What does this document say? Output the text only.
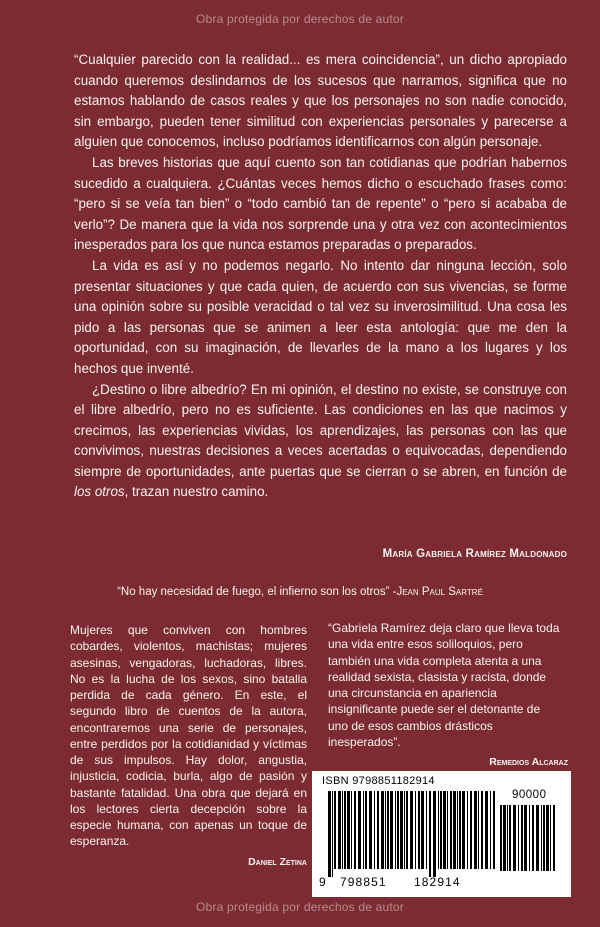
Obra protegida por derechos de autor

“Cualquier parecido con la realidad... es mera coincidencia”, un dicho apropiado cuando queremos deslindarnos de los sucesos que narramos, significa que no estamos hablando de casos reales y que los personajes no son nadie conocido, sin embargo, pueden tener similitud con experiencias personales y parecerse a alguien que conocemos, incluso podríamos identificarnos con algún personaje.

Las breves historias que aquí cuento son tan cotidianas que podrían habernos sucedido a cualquiera. ¿Cuántas veces hemos dicho o escuchado frases como: “pero si se veía tan bien” o “todo cambió tan de repente” o “pero si acababa de verlo”? De manera que la vida nos sorprende una y otra vez con acontecimientos inesperados para los que nunca estamos preparadas o preparados.

La vida es así y no podemos negarlo. No intento dar ninguna lección, solo presentar situaciones y que cada quien, de acuerdo con sus vivencias, se forme una opinión sobre su posible veracidad o tal vez su inverosimilitud. Una cosa les pido a las personas que se animen a leer esta antología: que me den la oportunidad, con su imaginación, de llevarles de la mano a los lugares y los hechos que inventé.

¿Destino o libre albedrío? En mi opinión, el destino no existe, se construye con el libre albedrío, pero no es suficiente. Las condiciones en las que nacimos y crecimos, las experiencias vividas, los aprendizajes, las personas con las que convivimos, nuestras decisiones a veces acertadas o equivocadas, dependiendo siempre de oportunidades, ante puertas que se cierran o se abren, en función de los otros, trazan nuestro camino.

María Gabriela Ramírez Maldonado
“No hay necesidad de fuego, el infierno son los otros” -Jean Paul Sartré
Mujeres que conviven con hombres cobardes, violentos, machistas; mujeres asesinas, vengadoras, luchadoras, libres. No es la lucha de los sexos, sino batalla perdida de cada género. En este, el segundo libro de cuentos de la autora, encontraremos una serie de personajes, entre perdidos por la cotidianidad y víctimas de sus impulsos. Hay dolor, angustia, injusticia, codicia, burla, algo de pasión y bastante fatalidad. Una obra que dejará en los lectores cierta decepción sobre la especie humana, con apenas un toque de esperanza.
Daniel Zetina
“Gabriela Ramírez deja claro que lleva toda una vida entre esos soliloquios, pero también una vida completa atenta a una realidad sexista, clasista y racista, donde una circunstancia en apariencia insignificante puede ser el detonante de uno de esos cambios drásticos inesperados”.
Remedios Alcaraz
ISBN 9798851182914
90000
9 798851 182914
Obra protegida por derechos de autor
